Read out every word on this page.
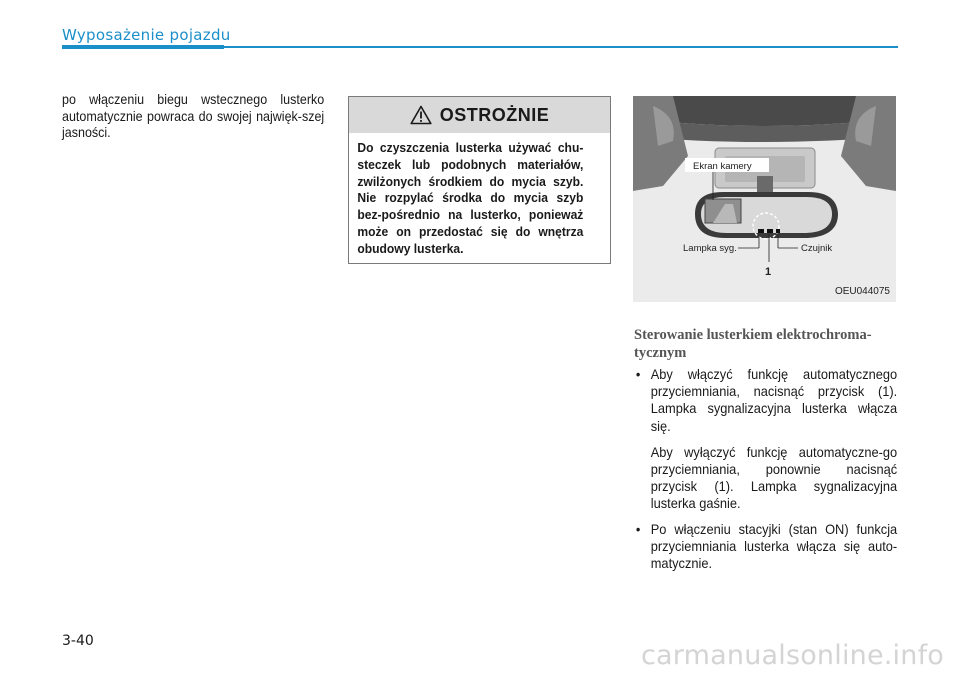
Wyposażenie pojazdu
po włączeniu biegu wstecznego lusterko automatycznie powraca do swojej najwięk-szej jasności.
OSTROŻNIE
Do czyszczenia lusterka używać chu-steczek lub podobnych materiałów, zwilżonych środkiem do mycia szyb. Nie rozpylać środka do mycia szyb bez-pośrednio na lusterko, ponieważ może on przedostać się do wnętrza obudowy lusterka.
Ekran kamery
Lampka syg.	Czujnik
1
OEU044075
Sterowanie lusterkiem elektrochroma-tycznym
• Aby włączyć funkcję automatycznego przyciemniania, nacisnąć przycisk (1). Lampka sygnalizacyjna lusterka włącza się.

Aby wyłączyć funkcję automatyczne-go przyciemniania, ponownie nacisnąć przycisk (1). Lampka sygnalizacyjna lusterka gaśnie.

• Po włączeniu stacyjki (stan ON) funkcja przyciemniania lusterka włącza się auto-matycznie.

3-40	carmanualsonline.info
